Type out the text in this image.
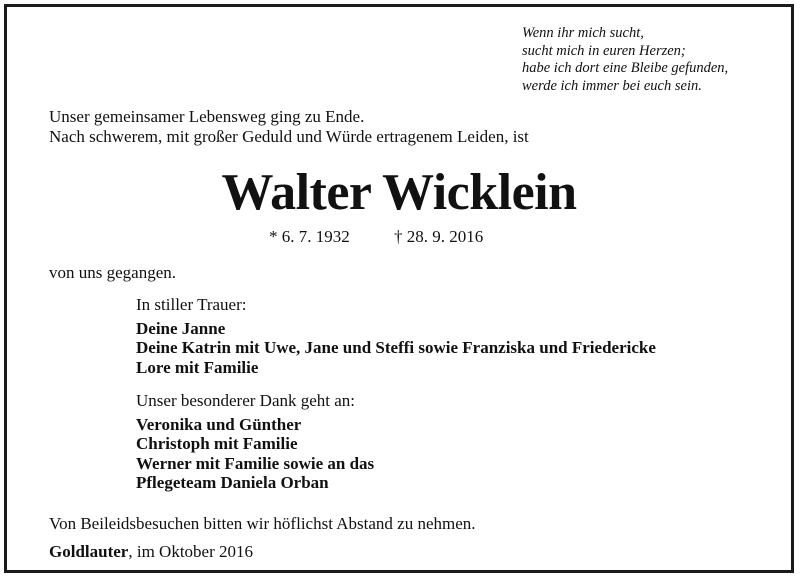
Wenn ihr mich sucht,
sucht mich in euren Herzen;
habe ich dort eine Bleibe gefunden,
werde ich immer bei euch sein.
Unser gemeinsamer Lebensweg ging zu Ende.
Nach schwerem, mit großer Geduld und Würde ertragenem Leiden, ist
Walter Wicklein
* 6. 7. 1932	† 28. 9. 2016
von uns gegangen.
In stiller Trauer:
Deine Janne
Deine Katrin mit Uwe, Jane und Steffi sowie Franziska und Friedericke
Lore mit Familie
Unser besonderer Dank geht an:
Veronika und Günther
Christoph mit Familie
Werner mit Familie sowie an das
Pflegeteam Daniela Orban
Von Beileidsbesuchen bitten wir höflichst Abstand zu nehmen.
Goldlauter, im Oktober 2016
